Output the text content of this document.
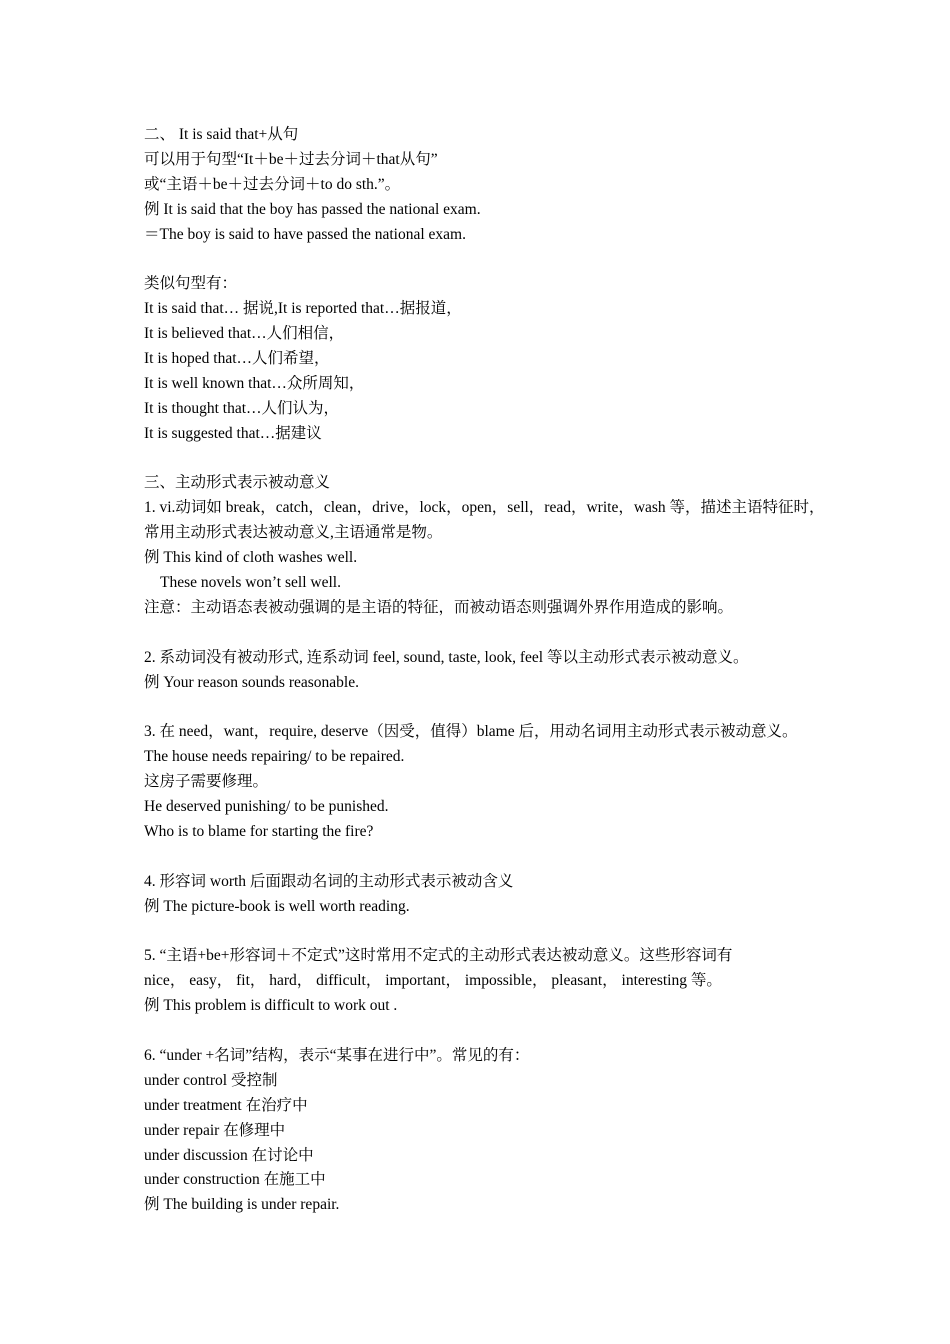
二、 It is said that+从句
可以用于句型“It＋be＋过去分词＋that从句”
或“主语＋be＋过去分词＋to do sth.”。
例 It is said that the boy has passed the national exam.
＝The boy is said to have passed the national exam.
类似句型有：
It is said that… 据说,It is reported that…据报道，
It is believed that…人们相信，
It is hoped that…人们希望，
It is well known that…众所周知，
It is thought that…人们认为，
It is suggested that…据建议
三、主动形式表示被动意义
1. vi.动词如 break，catch，clean，drive，lock，open，sell，read，write，wash 等，描述主语特征时，
常用主动形式表达被动意义,主语通常是物。
例 This kind of cloth washes well.
These novels won’t sell well.
注意：主动语态表被动强调的是主语的特征，而被动语态则强调外界作用造成的影响。
2. 系动词没有被动形式, 连系动词 feel, sound, taste, look, feel 等以主动形式表示被动意义。
例 Your reason sounds reasonable.
3. 在 need，want，require, deserve（因受，值得）blame 后，用动名词用主动形式表示被动意义。
The house needs repairing/ to be repaired.
这房子需要修理。
He deserved punishing/ to be punished.
Who is to blame for starting the fire?
4. 形容词 worth 后面跟动名词的主动形式表示被动含义
例 The picture-book is well worth reading.
5. “主语+be+形容词＋不定式”这时常用不定式的主动形式表达被动意义。这些形容词有
nice， easy， fit， hard， difficult， important， impossible， pleasant， interesting 等。
例 This problem is difficult to work out .
6. “under +名词”结构，表示“某事在进行中”。常见的有：
under control 受控制
under treatment 在治疗中
under repair 在修理中
under discussion 在讨论中
under construction 在施工中
例 The building is under repair.
